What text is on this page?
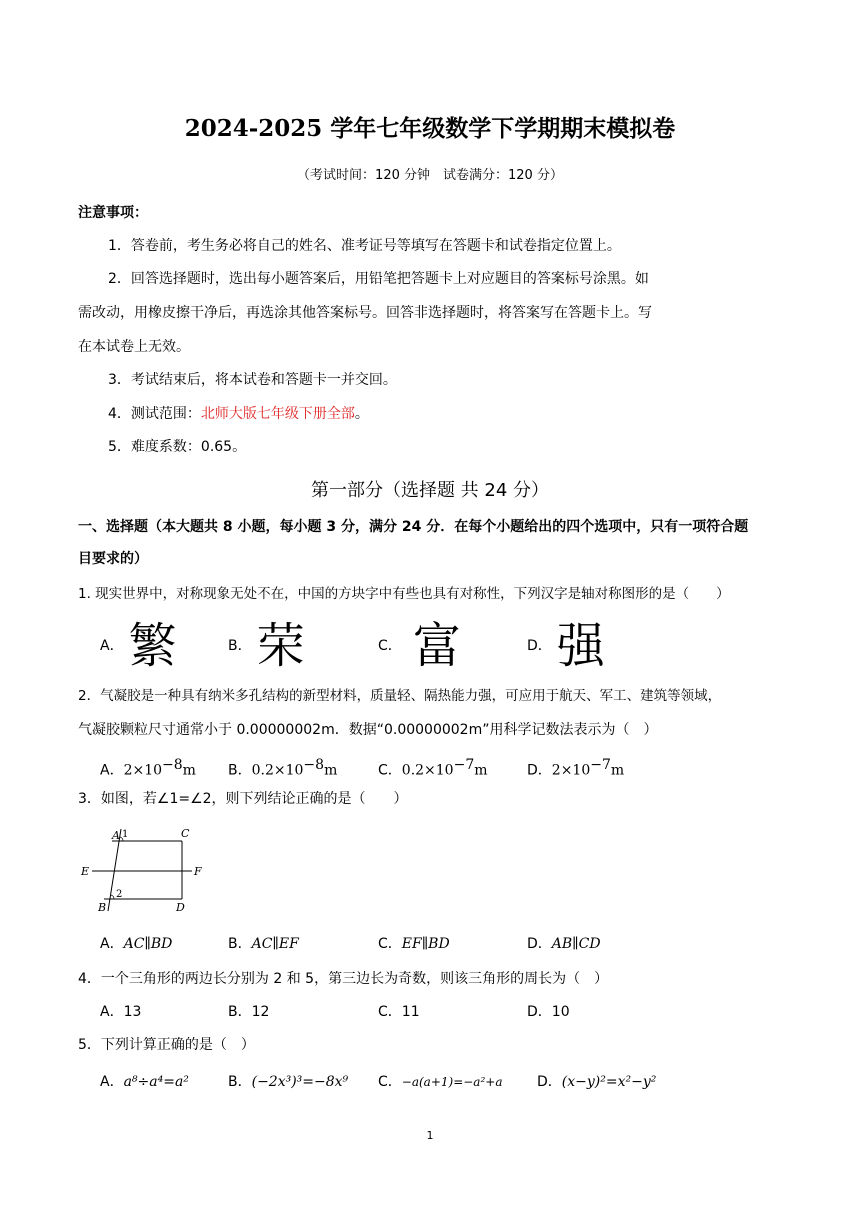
2024-2025 学年七年级数学下学期期末模拟卷
（考试时间：120 分钟　试卷满分：120 分）
注意事项：
1．答卷前，考生务必将自己的姓名、准考证号等填写在答题卡和试卷指定位置上。
2．回答选择题时，选出每小题答案后，用铅笔把答题卡上对应题目的答案标号涂黑。如
需改动，用橡皮擦干净后，再选涂其他答案标号。回答非选择题时，将答案写在答题卡上。写
在本试卷上无效。
3．考试结束后，将本试卷和答题卡一并交回。
4．测试范围：北师大版七年级下册全部。
5．难度系数：0.65。
第一部分（选择题 共 24 分）
一、选择题（本大题共 8 小题，每小题 3 分，满分 24 分．在每个小题给出的四个选项中，只有一项符合题
目要求的）
1. 现实世界中，对称现象无处不在，中国的方块字中有些也具有对称性，下列汉字是轴对称图形的是（　　）
A． 繁	B． 荣	C． 富	D． 强
2．气凝胶是一种具有纳米多孔结构的新型材料，质量轻、隔热能力强，可应用于航天、军工、建筑等领域，
气凝胶颗粒尺寸通常小于 0.00000002m．数据“0.00000002m”用科学记数法表示为（　）
A．$2\times 10^{-8}m$ B．$0.2\times 10^{-8}m$	C．$0.2\times 10^{-7}m$	D．$2\times 10^{-7}m$
3．如图，若∠1=∠2，则下列结论正确的是（　　）
A 1	C
E	F
2
B	D
A．AC∥BD	B．AC∥EF	C．EF∥BD	D．AB∥CD
4．一个三角形的两边长分别为 2 和 5，第三边长为奇数，则该三角形的周长为（　）
A．13	B．12	C．11	D．10
5．下列计算正确的是（　）
A．a⁸÷a⁴=a²	B．(−2x³)³=−8x⁹ C．−a(a+1)=−a²+a D．(x−y)²=x²−y²
1
